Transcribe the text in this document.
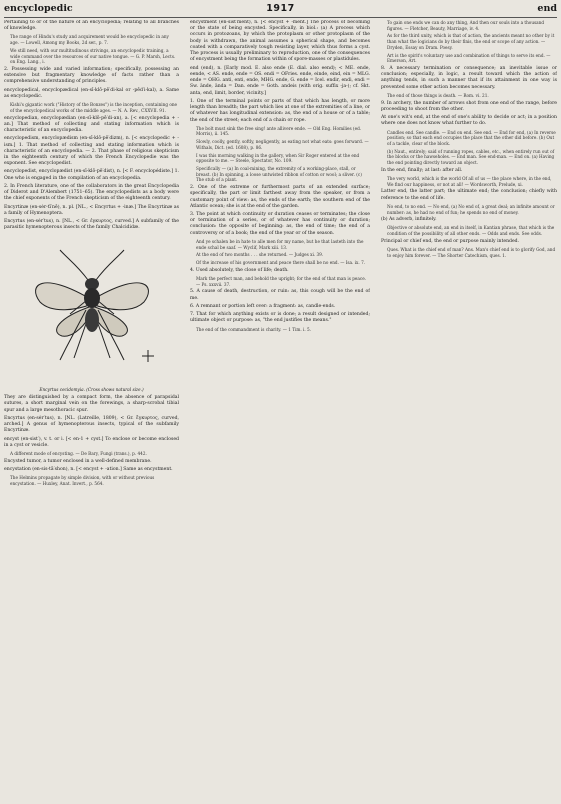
encyclopedic	1917	end

Pertaining to or of the nature of an encyclopedia; relating to all branches of knowledge.

The range of Hindu's study and acquirement would be encyclopedic in any age. — Lowell, Among my Books, 2d ser., p. 7.

We still need, with our multitudinous strivings, an encyclopedic training, a wide command over the resources of our native tongue. — G. P. Marsh, Lects. on Eng. Lang., i.

2. Possessing wide and varied information; specifically, possessing an extensive but fragmentary knowledge of facts rather than a comprehensive understanding of principles.

encyclopedical, encyclopædical (en-sī-klō-pē′di-kal or -pēd′i-kal), a. Same as encyclopedic.

Kishi's gigantic work ("History of the Bonzes") is the inception, containing one of the encyclopedical works of the middle ages. — N. A. Rev., CXXVII. 91.

encyclopedian, encyclopædian (en-sī-klō-pē′di-an), a. [< encyclopedia + -an.] That method of collecting and stating information which is characteristic of an encyclopedia.

encyclopedism, encyclopædism (en-sī-klō-pē′dizm), n. [< encyclopedic + -ism.] 1. That method of collecting and stating information which is characteristic of an encyclopedia. — 2. That phase of religious skepticism in the eighteenth century of which the French Encyclopedie was the exponent. See encyclopedist.

encyclopedist, encyclopædist (en-sī-klō-pē′dist), n. [< F. encyclopédiste.] 1. One who is engaged in the compilation of an encyclopedia.

2. In French literature, one of the collaborators in the great Encyclopedia of Diderot and D'Alembert (1751–65). The encyclopedists as a body were the chief exponents of the French skepticism of the eighteenth century.

Encyrtinæ (en-sėr-tī′nē), n. pl. [NL., < Encyrtus + -inæ.] The Encyrtinæ as a family of Hymenoptera.

Encyrtus (en-sėr′tus), n. [NL., < Gr. ἐγκυρτος, curved.] A subfamily of the parasitic hymenopterous insects of the family Chalcididæ.

Encyrtus cecidomyia. (Cross shows natural size.)

They are distinguished by a compact form, the absence of parapsidal sutures, a short marginal vein on the forewings, a sharp-scrobal tibial spur and a large mesothoracic spur.

Encyrtus (en-sėr′tus), n. [NL. (Latreille, 1809), < Gr. ἔγκυρτος, curved, arched.] A genus of hymenopterous insects, typical of the subfamily Encyrtinæ.

encyst (en-sist′), v. t. or i. [< en-1 + cyst.] To enclose or become enclosed in a cyst or vesicle.

A different mode of encysting. — De Bary, Fungi (trans.), p. 442.

Encysted tumor, a tumor enclosed in a well-defined membrane.

encystation (en-sis-tā′shon), n. [< encyst + -ation.] Same as encystment.

The Helmins propagate by simple division, with or without previous encystation. — Huxley, Anat. Invert., p. 564.

encystment (en-sist′ment), n. [< encyst + -ment.] The process of becoming or the state of being encysted. Specifically, in biol.: (a) A process which occurs in protozoans, by which the protoplasm or other protoplasm of the body is withdrawn, the animal assumes a spherical shape, and becomes coated with a comparatively tough resisting layer, which thus forms a cyst. The process is usually preliminary to reproduction, one of the consequences of encystment being the formation within of spore-masses or plastidules.

end (end), n. [Early mod. E. also ende (E. dial. also eend); < ME. ende, eende, < AS. ende, ende = OS. endi = OFries. ende, einde, eind, ein = MLG. ende = OHG. anti, enti, ende, MHG. ende, G. ende = Icel. endir, endi, endi = Sw. ände, ända = Dan. ende = Goth. andeis (with orig. suffix -ja-); cf. Skt. anta, end, limit, border, vicinity.]

1. One of the terminal points or parts of that which has length, or more length than breadth; the part which lies at one of the extremities of a line, or of whatever has longitudinal extension: as, the end of a house or of a table; the end of the street; each end of a chain or rope.

The bolt must sink the free sing! ante allivere ende. — Old Eng. Homilies (ed. Morris), ii. 145.

Slowly, coolly, gently, softly, negligently, as eating not what eats: goes forward. — Withals, Dict. (ed. 1608), p. 86.

I was this morning walking in the gallery, when Sir Roger entered at the end opposite to me. — Steele, Spectator, No. 109.

Specifically — (a) In coal-mining, the extremity of a working-place, stall, or breast. (b) In spinning, a loose untwisted ribbon of cotton or wool; a sliver. (c) The stub of a plant.

2. One of the extreme or furthermost parts of an extended surface; specifically, the part or limit farthest away from the speaker, or from a customary point of view: as, the ends of the earth; the southern end of the Atlantic ocean; she is at the end of the garden.

3. The point at which continuity or duration ceases or terminates; the close or termination of a series, or of whatever has continuity or duration; conclusion: the opposite of beginning: as, the end of time; the end of a controversy or of a book; the end of the year or of the season.

And ye schalen be in hate to alle men for my name, but he that lasteth into the ende schal be saaf. — Wyclif, Mark xiii. 13.

At the end of two months . . . she returned. — Judges xi. 39.

Of the increase of his government and peace there shall be no end. — Isa. ix. 7.

4. Used absolutely, the close of life; death.

Mark the perfect man, and behold the upright; for the end of that man is peace. — Ps. xxxvii. 37.

5. A cause of death, destruction, or ruin: as, this cough will be the end of me.

6. A remnant or portion left over: a fragment: as, candle-ends.

7. That for which anything exists or is done; a result designed or intended; ultimate object or purpose: as, "the end justifies the means."

The end of the commandment is charity. — 1 Tim. i. 5.

To gain one ends we can do any thing, And then our souls into a thousand figures. — Fletcher, Beauty, Marriage, iv. 4.

As for the third unity, which is that of action, the ancients meant no other by it than what the logicians do by their finis, the end or scope of any action. — Dryden, Essay on Dram. Poesy.

Art is the spirit's voluntary use and combination of things to serve its end. — Emerson, Art.

8. A necessary termination or consequence; an inevitable issue or conclusion; especially, in logic, a result toward which the action of anything tends, in such a manner that if its attainment in one way is prevented some other action becomes necessary.

The end of those things is death. — Rom. vi. 21.

9. In archery, the number of arrows shot from one end of the range, before proceeding to shoot from the other.

At one's wit's end, at the end of one's ability to decide or act; in a position where one does not know what further to do.

Candles end. See candle. — End on end. See end. — End for end, (a) In reverse position; so that each end occupies the place that the other did before. (b) Out of a tackle, clear of the block.

(b) Naut., entirely; said of running ropes, cables, etc., when entirely run out of the blocks or the hawseholes. — End man. See end-man. — End on. (a) Having the end pointing directly toward an object.

In the end, finally; at last: after all.

The very world, which is the world Of all of us — the place where, in the end, We find our happiness, or not at all! — Wordsworth, Prelude, xi.

Latter end, the latter part; the ultimate end; the conclusion; chiefly with reference to the end of life.

No end, to no end. — No end, (a) No end of, a great deal; an infinite amount or number: as, he had no end of fun; he spends no end of money.

(b) As adverb, infinitely.

Objective or absolute end, an end in itself, in Kantian phrase, that which is the condition of the possibility of all other ends. — Odds and ends. See odds.

Principal or chief end, the end or purpose mainly intended.

Ques. What is the chief end of man? Ans. Man's chief end is to glorify God, and to enjoy him forever. — The Shorter Catechism, ques. 1.
